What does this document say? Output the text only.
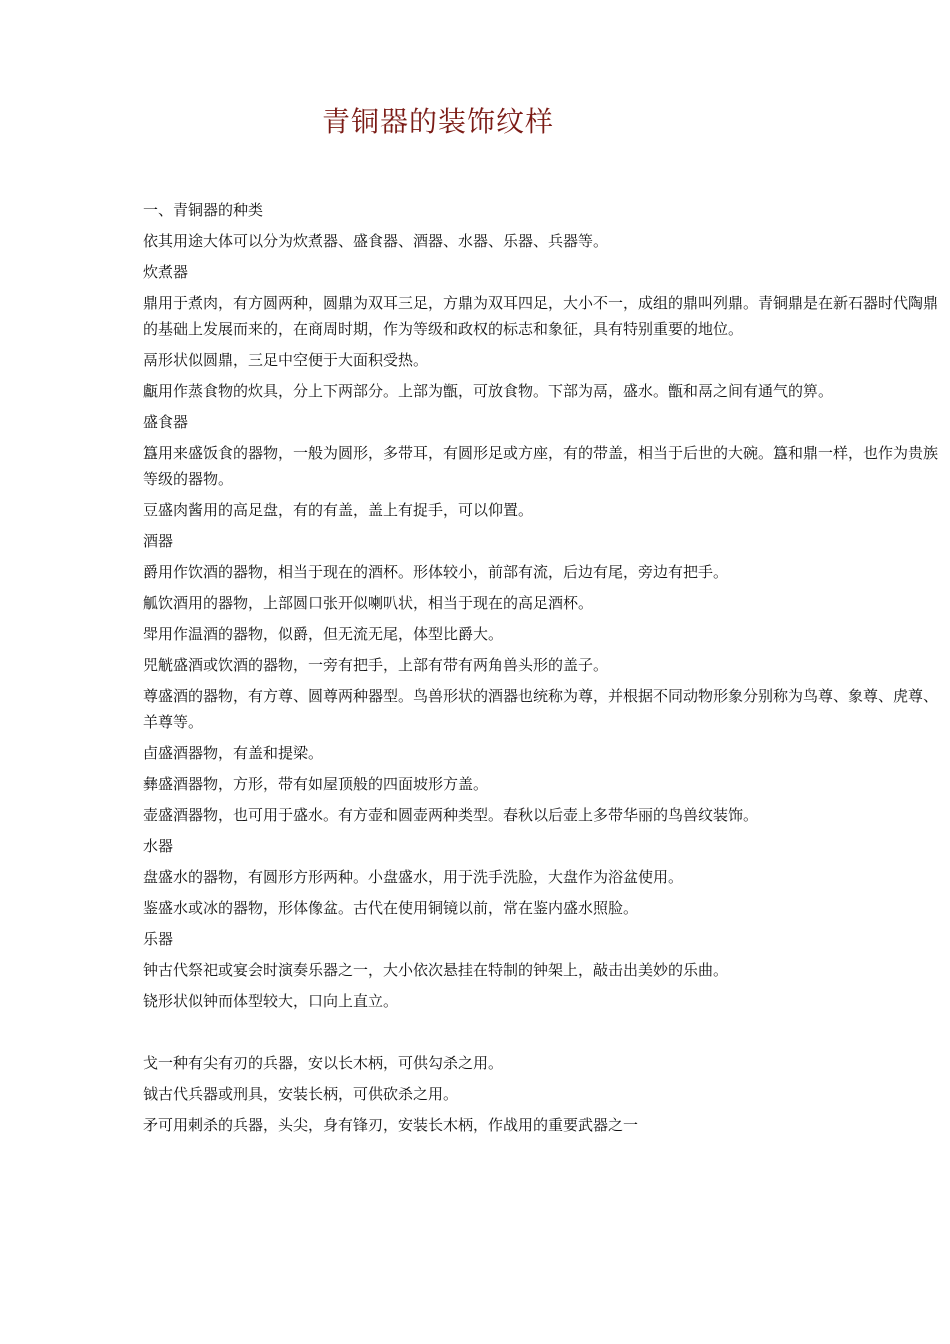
青铜器的装饰纹样

一、青铜器的种类

依其用途大体可以分为炊煮器、盛食器、酒器、水器、乐器、兵器等。

炊煮器

鼎用于煮肉，有方圆两种，圆鼎为双耳三足，方鼎为双耳四足，大小不一，成组的鼎叫列鼎。青铜鼎是在新石器时代陶鼎的基础上发展而来的，在商周时期，作为等级和政权的标志和象征，具有特别重要的地位。

鬲形状似圆鼎，三足中空便于大面积受热。

甗用作蒸食物的炊具，分上下两部分。上部为甑，可放食物。下部为鬲，盛水。甑和鬲之间有通气的箅。

盛食器

簋用来盛饭食的器物，一般为圆形，多带耳，有圆形足或方座，有的带盖，相当于后世的大碗。簋和鼎一样，也作为贵族等级的器物。

豆盛肉酱用的高足盘，有的有盖，盖上有捉手，可以仰置。

酒器

爵用作饮酒的器物，相当于现在的酒杯。形体较小，前部有流，后边有尾，旁边有把手。

觚饮酒用的器物，上部圆口张开似喇叭状，相当于现在的高足酒杯。

斝用作温酒的器物，似爵，但无流无尾，体型比爵大。

兕觥盛酒或饮酒的器物，一旁有把手，上部有带有两角兽头形的盖子。

尊盛酒的器物，有方尊、圆尊两种器型。鸟兽形状的酒器也统称为尊，并根据不同动物形象分别称为鸟尊、象尊、虎尊、羊尊等。

卣盛酒器物，有盖和提梁。

彝盛酒器物，方形，带有如屋顶般的四面坡形方盖。

壶盛酒器物，也可用于盛水。有方壶和圆壶两种类型。春秋以后壶上多带华丽的鸟兽纹装饰。

水器

盘盛水的器物，有圆形方形两种。小盘盛水，用于洗手洗脸，大盘作为浴盆使用。

鉴盛水或冰的器物，形体像盆。古代在使用铜镜以前，常在鉴内盛水照脸。

乐器

钟古代祭祀或宴会时演奏乐器之一，大小依次悬挂在特制的钟架上，敲击出美妙的乐曲。

铙形状似钟而体型较大，口向上直立。

戈一种有尖有刃的兵器，安以长木柄，可供勾杀之用。

钺古代兵器或刑具，安装长柄，可供砍杀之用。

矛可用刺杀的兵器，头尖，身有锋刃，安装长木柄，作战用的重要武器之一
